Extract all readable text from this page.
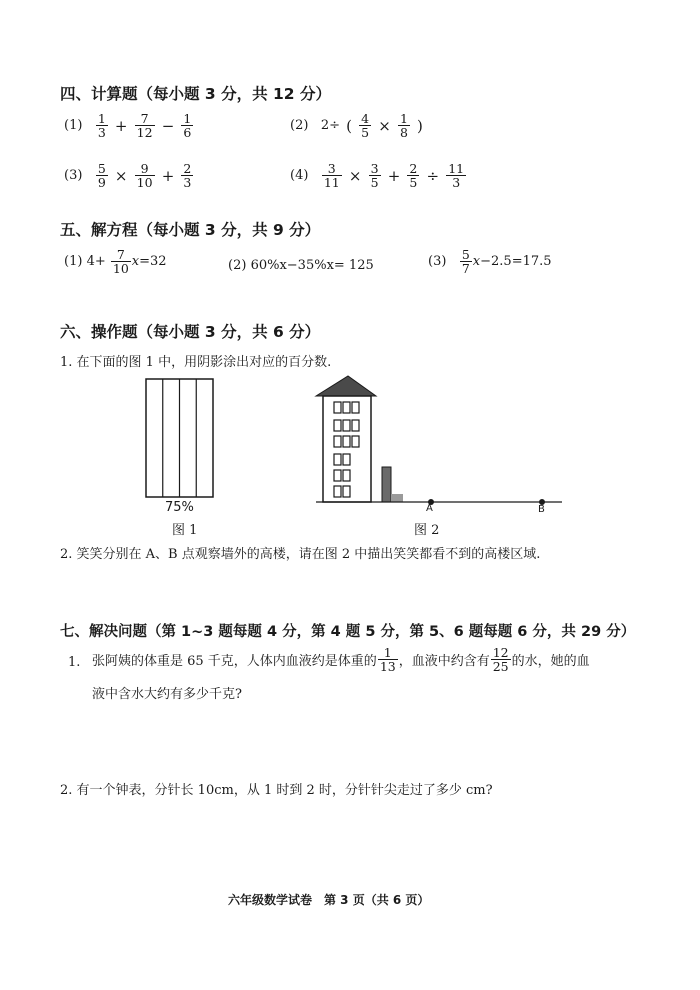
四、计算题（每小题 3 分，共 12 分）
$(1) \frac{1}{3} + \frac{7}{12} - \frac{1}{6}$	(2) 2÷ ( $\frac{4}{5} \times \frac{1}{8}$ )
$(3) \frac{5}{9} \times \frac{9}{10} + \frac{2}{3}$	$(4) \frac{3}{11} \times \frac{3}{5} + \frac{2}{5} \div \frac{11}{3}$
五、解方程（每小题 3 分，共 9 分）
(1) $4+ \frac{7}{10} x=32$	(2) 60%x−35%x= 125	$(3) \frac{5}{7} x-2.5=17.5$
六、操作题（每小题 3 分，共 6 分）
1. 在下面的图 1 中，用阴影涂出对应的百分数.
75%
图 1
A	B
图 2
2. 笑笑分别在 A、B 点观察墙外的高楼，请在图 2 中描出笑笑都看不到的高楼区域.
七、解决问题（第 1~3 题每题 4 分，第 4 题 5 分，第 5、6 题每题 6 分，共 29 分）
1. 张阿姨的体重是 65 千克，人体内血液约是体重的 $\frac{1}{13}$ ，血液中约含有 $\frac{12}{25}$ 的水，她的血
液中含水大约有多少千克?
2. 有一个钟表，分针长 10cm，从 1 时到 2 时，分针针尖走过了多少 cm?
六年级数学试卷　第 3 页（共 6 页）
